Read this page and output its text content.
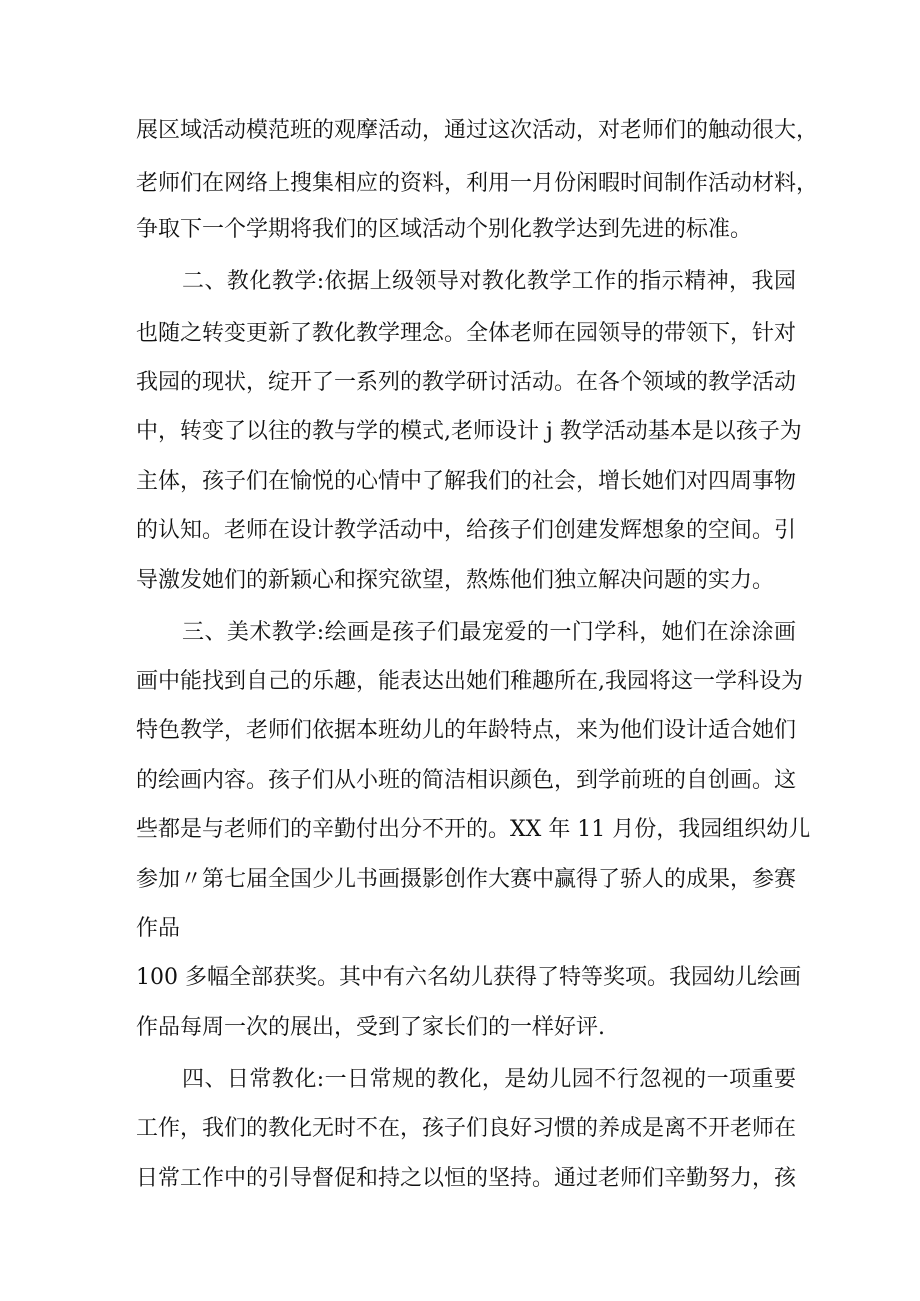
展区域活动模范班的观摩活动，通过这次活动，对老师们的触动很大，
老师们在网络上搜集相应的资料，利用一月份闲暇时间制作活动材料，
争取下一个学期将我们的区域活动个别化教学达到先进的标准。
二、教化教学:依据上级领导对教化教学工作的指示精神，我园
也随之转变更新了教化教学理念。全体老师在园领导的带领下，针对
我园的现状，绽开了一系列的教学研讨活动。在各个领域的教学活动
中，转变了以往的教与学的模式,老师设计 j 教学活动基本是以孩子为
主体，孩子们在愉悦的心情中了解我们的社会，增长她们对四周事物
的认知。老师在设计教学活动中，给孩子们创建发辉想象的空间。引
导激发她们的新颖心和探究欲望，熬炼他们独立解决问题的实力。
三、美术教学:绘画是孩子们最宠爱的一门学科，她们在涂涂画
画中能找到自己的乐趣，能表达出她们稚趣所在,我园将这一学科设为
特色教学，老师们依据本班幼儿的年龄特点，来为他们设计适合她们
的绘画内容。孩子们从小班的简洁相识颜色，到学前班的自创画。这
些都是与老师们的辛勤付出分不开的。XX 年 11 月份，我园组织幼儿
参加〃第七届全国少儿书画摄影创作大赛中赢得了骄人的成果，参赛
作品
100 多幅全部获奖。其中有六名幼儿获得了特等奖项。我园幼儿绘画
作品每周一次的展出，受到了家长们的一样好评.
四、日常教化:一日常规的教化，是幼儿园不行忽视的一项重要
工作，我们的教化无时不在，孩子们良好习惯的养成是离不开老师在
日常工作中的引导督促和持之以恒的坚持。通过老师们辛勤努力，孩
